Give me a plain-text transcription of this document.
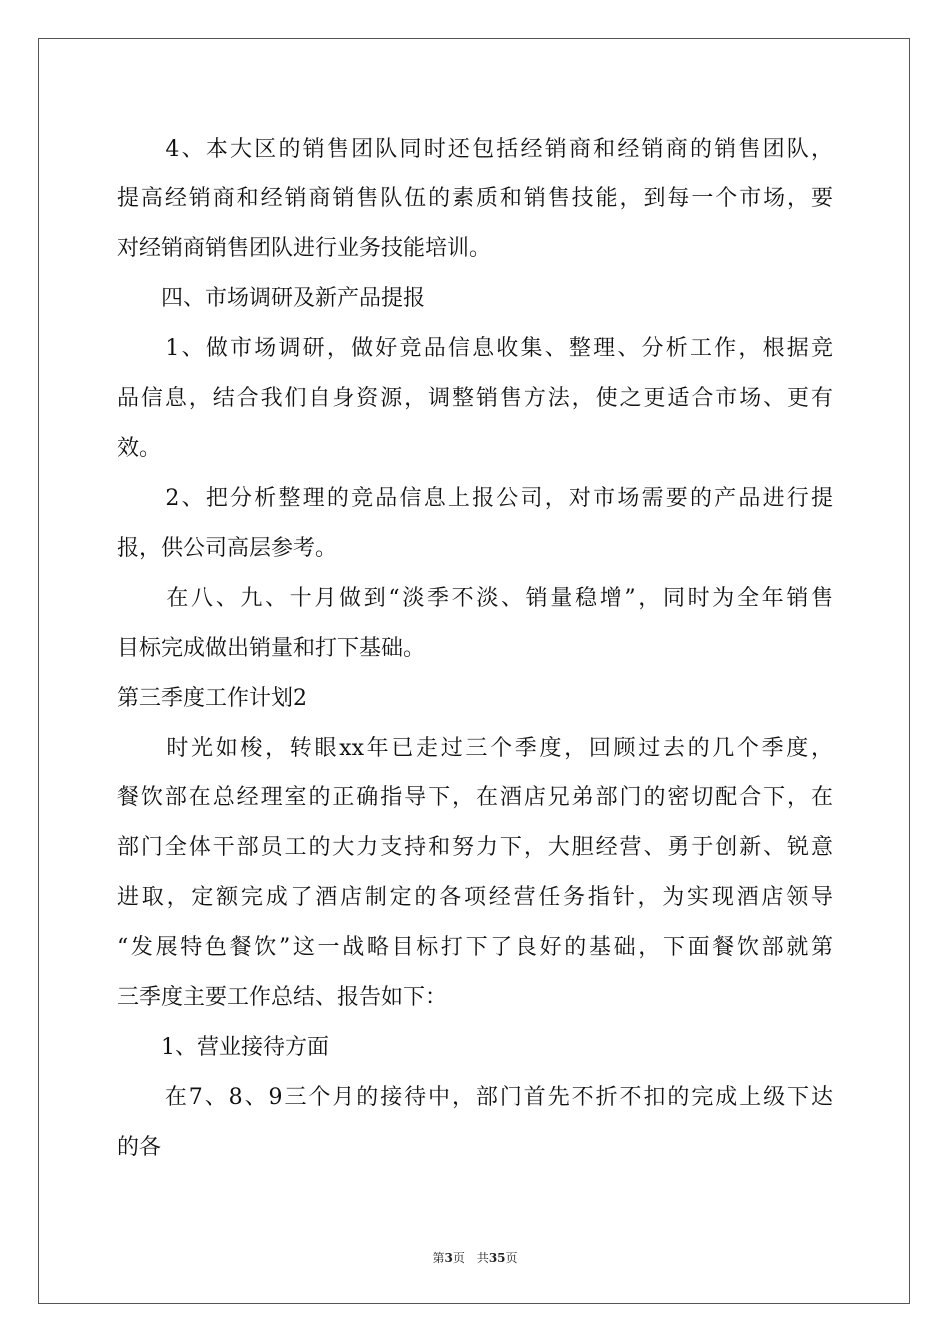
　　4、本大区的销售团队同时还包括经销商和经销商的销售团队，
提高经销商和经销商销售队伍的素质和销售技能，到每一个市场，要
对经销商销售团队进行业务技能培训。
　　四、市场调研及新产品提报
　　1、做市场调研，做好竞品信息收集、整理、分析工作，根据竞
品信息，结合我们自身资源，调整销售方法，使之更适合市场、更有
效。
　　2、把分析整理的竞品信息上报公司，对市场需要的产品进行提
报，供公司高层参考。
　　在八、九、十月做到“淡季不淡、销量稳增”，同时为全年销售
目标完成做出销量和打下基础。
第三季度工作计划2
　　时光如梭，转眼xx年已走过三个季度，回顾过去的几个季度，
餐饮部在总经理室的正确指导下，在酒店兄弟部门的密切配合下，在
部门全体干部员工的大力支持和努力下，大胆经营、勇于创新、锐意
进取，定额完成了酒店制定的各项经营任务指针，为实现酒店领导
“发展特色餐饮”这一战略目标打下了良好的基础，下面餐饮部就第
三季度主要工作总结、报告如下：
　　1、营业接待方面
　　在7、8、9三个月的接待中，部门首先不折不扣的完成上级下达
的各
第3页　共35页
